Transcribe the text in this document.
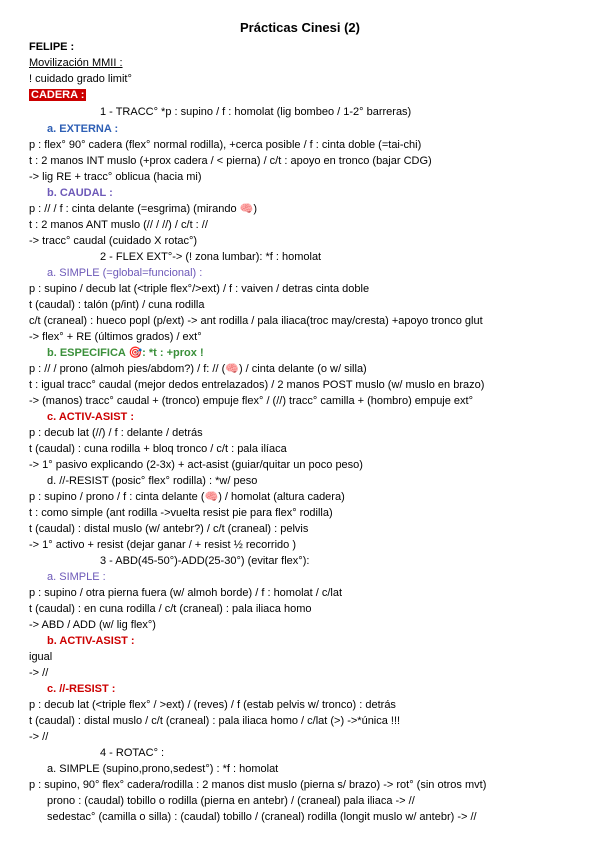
Prácticas Cinesi (2)
FELIPE :
Movilización MMII :
! cuidado grado limit°
CADERA :
1 - TRACC° *p : supino / f : homolat (lig bombeo / 1-2° barreras)
a. EXTERNA :
p : flex° 90° cadera (flex° normal rodilla), +cerca posible / f : cinta doble (=tai-chi)
t : 2 manos INT muslo (+prox cadera / < pierna) / c/t : apoyo en tronco (bajar CDG)
-> lig RE + tracc° oblicua (hacia mi)
b. CAUDAL :
p : // / f : cinta delante (=esgrima) (mirando 🧠)
t : 2 manos ANT muslo (// / //) / c/t : //
-> tracc° caudal (cuidado X rotac°)
2 - FLEX EXT°-> (! zona lumbar): *f : homolat
a. SIMPLE (=global=funcional) :
p : supino / decub lat (<triple flex°/>ext) / f : vaiven / detras cinta doble
t (caudal) : talón (p/int) / cuna rodilla
c/t (craneal) : hueco popl (p/ext) -> ant rodilla / pala iliaca(troc may/cresta) +apoyo tronco glut
-> flex° + RE (últimos grados) / ext°
b. ESPECIFICA 🎯: *t : +prox !
p : // / prono (almoh pies/abdom?) / f: // (🧠) / cinta delante (o w/ silla)
t : igual tracc° caudal (mejor dedos entrelazados) / 2 manos POST muslo (w/ muslo en brazo)
-> (manos) tracc° caudal + (tronco) empuje flex° / (//) tracc° camilla + (hombro) empuje ext°
c. ACTIV-ASIST :
p : decub lat (//) / f : delante / detrás
t (caudal) : cuna rodilla + bloq tronco / c/t : pala ilíaca
-> 1° pasivo explicando (2-3x) + act-asist (guiar/quitar un poco peso)
d. //-RESIST (posic° flex° rodilla) : *w/ peso
p : supino / prono / f : cinta delante (🧠) / homolat (altura cadera)
t : como simple (ant rodilla ->vuelta resist pie para flex° rodilla)
t (caudal) : distal muslo (w/ antebr?) / c/t (craneal) : pelvis
-> 1° activo + resist (dejar ganar / + resist ½ recorrido )
3 - ABD(45-50°)-ADD(25-30°) (evitar flex°):
a. SIMPLE :
p : supino / otra pierna fuera (w/ almoh borde) / f : homolat / c/lat
t (caudal) : en cuna rodilla / c/t (craneal) : pala iliaca homo
-> ABD / ADD (w/ lig flex°)
b. ACTIV-ASIST :
igual
-> //
c. //-RESIST :
p : decub lat (<triple flex° / >ext) / (reves) / f (estab pelvis w/ tronco) : detrás
t (caudal) : distal muslo / c/t (craneal) : pala iliaca homo / c/lat (>) ->*única !!!
-> //
4 - ROTAC° :
a. SIMPLE (supino,prono,sedest°) : *f : homolat
p : supino, 90° flex° cadera/rodilla : 2 manos dist muslo (pierna s/ brazo) -> rot° (sin otros mvt)
prono : (caudal) tobillo o rodilla (pierna en antebr) / (craneal) pala iliaca -> //
sedestac° (camilla o silla) : (caudal) tobillo / (craneal) rodilla (longit muslo w/ antebr) -> //
